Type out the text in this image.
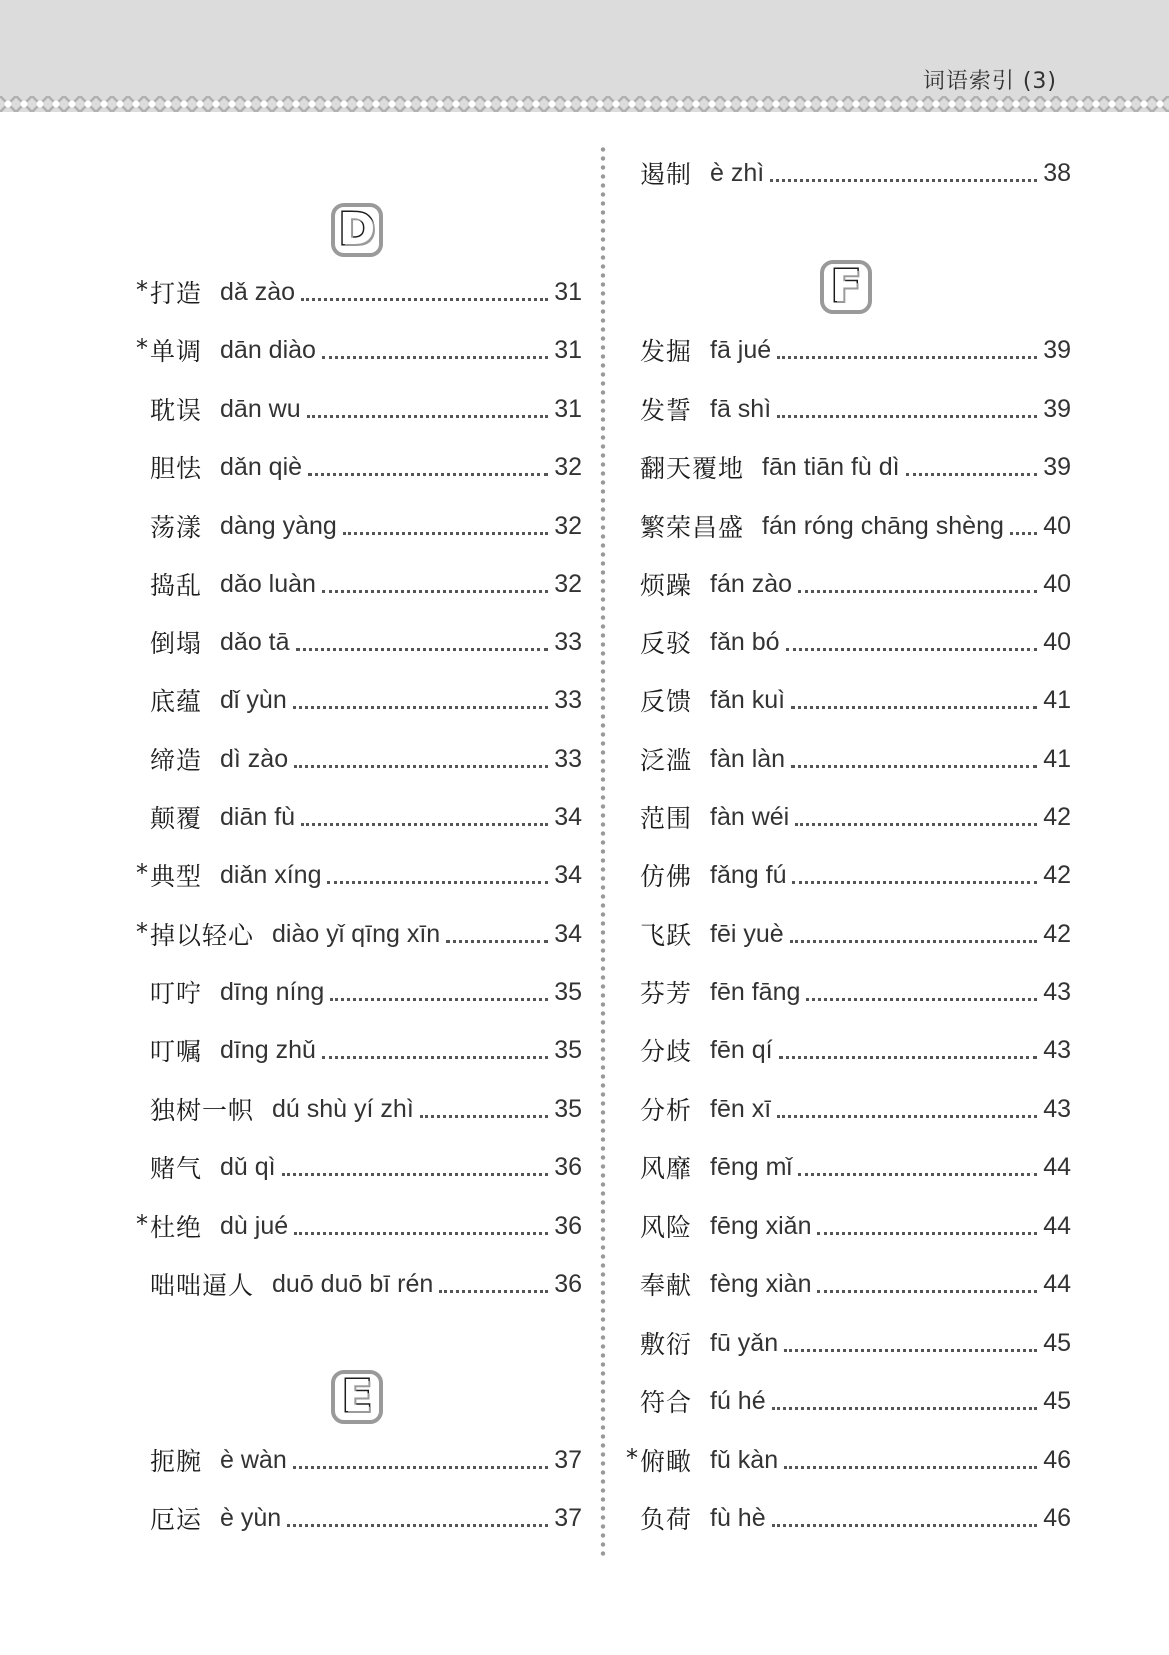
词语索引 (3)
D
E
F
* 打造 dǎ zào	31
* 单调 dān diào	31
耽误 dān wu	31
胆怯 dǎn qiè	32
荡漾 dàng yàng	32
捣乱 dǎo luàn	32
倒塌 dǎo tā	33
底蕴 dǐ yùn	33
缔造 dì zào	33
颠覆 diān fù	34
* 典型 diǎn xíng	34
* 掉以轻心 diào yǐ qīng xīn	34
叮咛 dīng níng	35
叮嘱 dīng zhǔ	35
独树一帜 dú shù yí zhì	35
赌气 dǔ qì	36
* 杜绝 dù jué	36
咄咄逼人 duō duō bī rén	36
扼腕 è wàn	37
厄运 è yùn	37
遏制 è zhì	38
发掘 fā jué	39
发誓 fā shì	39
翻天覆地 fān tiān fù dì	39
繁荣昌盛 fán róng chāng shèng 40
烦躁 fán zào	40
反驳 fǎn bó	40
反馈 fǎn kuì	41
泛滥 fàn làn	41
范围 fàn wéi	42
仿佛 fǎng fú	42
飞跃 fēi yuè	42
芬芳 fēn fāng	43
分歧 fēn qí	43
分析 fēn xī	43
风靡 fēng mǐ	44
风险 fēng xiǎn	44
奉献 fèng xiàn	44
敷衍 fū yǎn	45
符合 fú hé	45
* 俯瞰 fǔ kàn	46
负荷 fù hè	46
